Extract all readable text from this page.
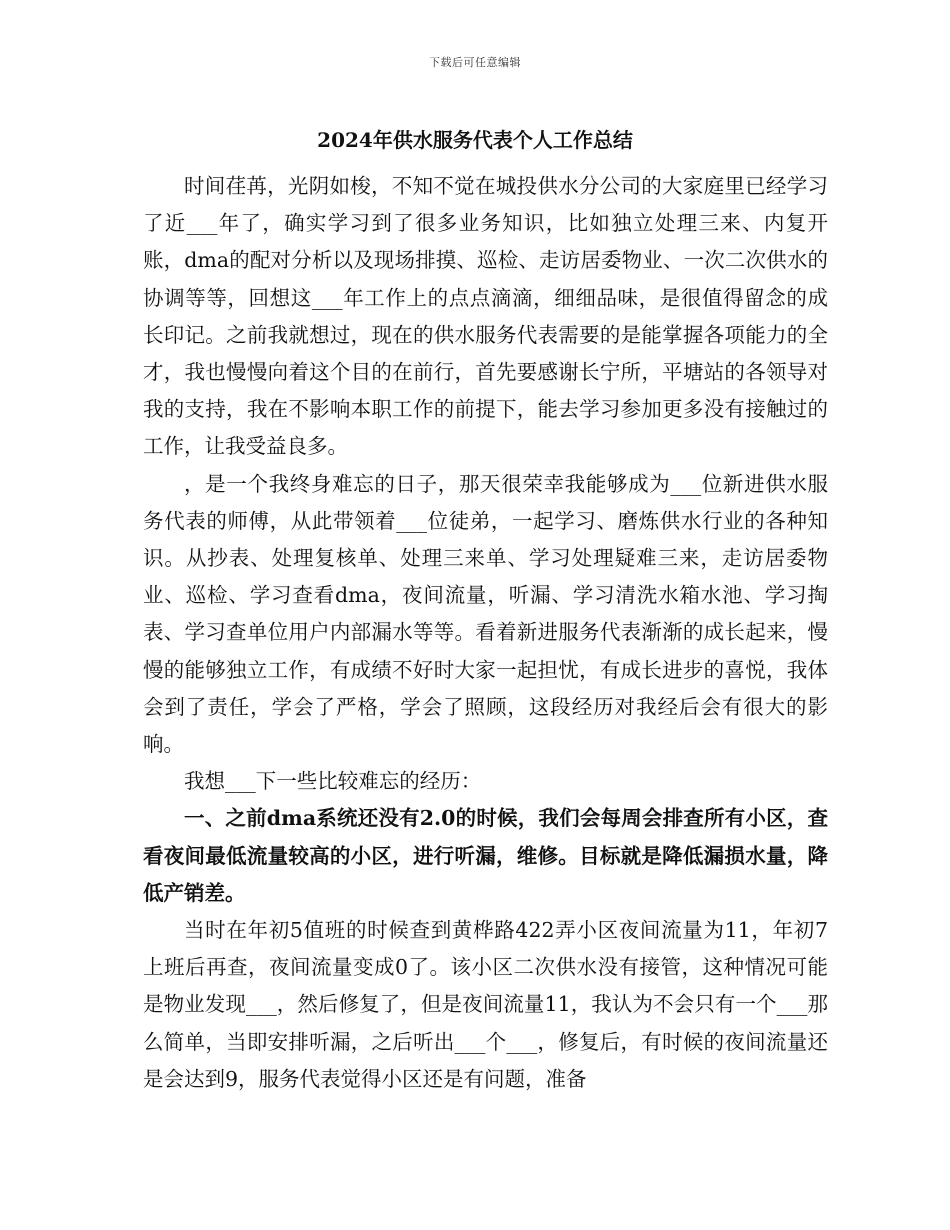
下载后可任意编辑
2024年供水服务代表个人工作总结

时间荏苒，光阴如梭，不知不觉在城投供水分公司的大家庭里已经学习了近___年了，确实学习到了很多业务知识，比如独立处理三来、内复开账，dma的配对分析以及现场排摸、巡检、走访居委物业、一次二次供水的协调等等，回想这___年工作上的点点滴滴，细细品味，是很值得留念的成长印记。之前我就想过，现在的供水服务代表需要的是能掌握各项能力的全才，我也慢慢向着这个目的在前行，首先要感谢长宁所，平塘站的各领导对我的支持，我在不影响本职工作的前提下，能去学习参加更多没有接触过的工作，让我受益良多。

，是一个我终身难忘的日子，那天很荣幸我能够成为___位新进供水服务代表的师傅，从此带领着___位徒弟，一起学习、磨炼供水行业的各种知识。从抄表、处理复核单、处理三来单、学习处理疑难三来，走访居委物业、巡检、学习查看dma，夜间流量，听漏、学习清洗水箱水池、学习掏表、学习查单位用户内部漏水等等。看着新进服务代表渐渐的成长起来，慢慢的能够独立工作，有成绩不好时大家一起担忧，有成长进步的喜悦，我体会到了责任，学会了严格，学会了照顾，这段经历对我经后会有很大的影响。

我想___下一些比较难忘的经历：

一、之前dma系统还没有2.0的时候，我们会每周会排查所有小区，查看夜间最低流量较高的小区，进行听漏，维修。目标就是降低漏损水量，降低产销差。

当时在年初5值班的时候查到黄桦路422弄小区夜间流量为11，年初7上班后再查，夜间流量变成0了。该小区二次供水没有接管，这种情况可能是物业发现___，然后修复了，但是夜间流量11，我认为不会只有一个___那么简单，当即安排听漏，之后听出___个___，修复后，有时候的夜间流量还是会达到9，服务代表觉得小区还是有问题，准备
